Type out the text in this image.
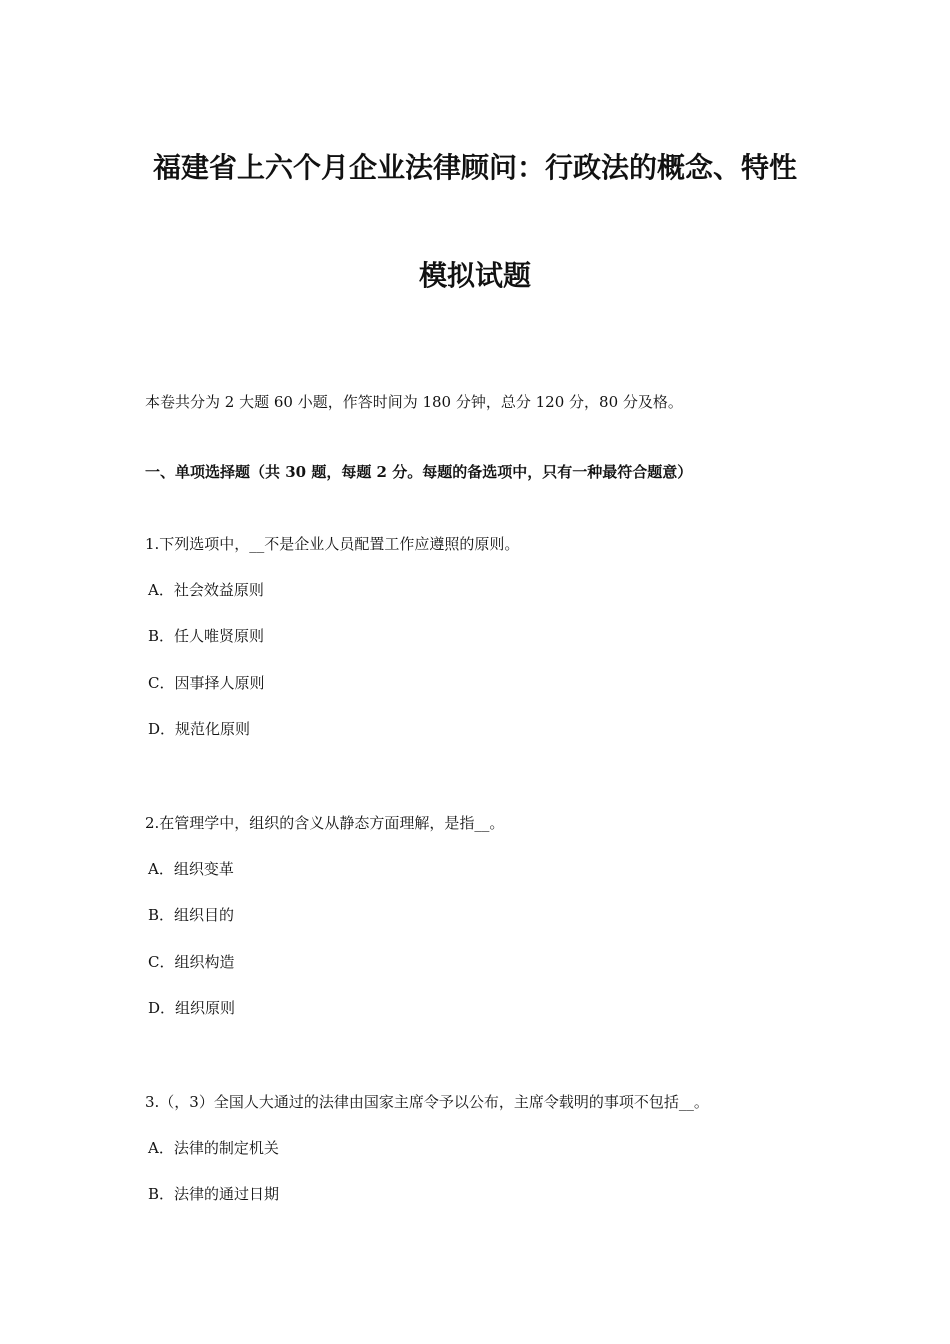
福建省上六个月企业法律顾问：行政法的概念、特性
模拟试题
本卷共分为 2 大题 60 小题，作答时间为 180 分钟，总分 120 分，80 分及格。
一、单项选择题（共 30 题，每题 2 分。每题的备选项中，只有一种最符合题意）
1.下列选项中，__不是企业人员配置工作应遵照的原则。
A．社会效益原则
B．任人唯贤原则
C．因事择人原则
D．规范化原则
2.在管理学中，组织的含义从静态方面理解，是指__。
A．组织变革
B．组织目的
C．组织构造
D．组织原则
3.（，3）全国人大通过的法律由国家主席令予以公布，主席令载明的事项不包括__。
A．法律的制定机关
B．法律的通过日期
